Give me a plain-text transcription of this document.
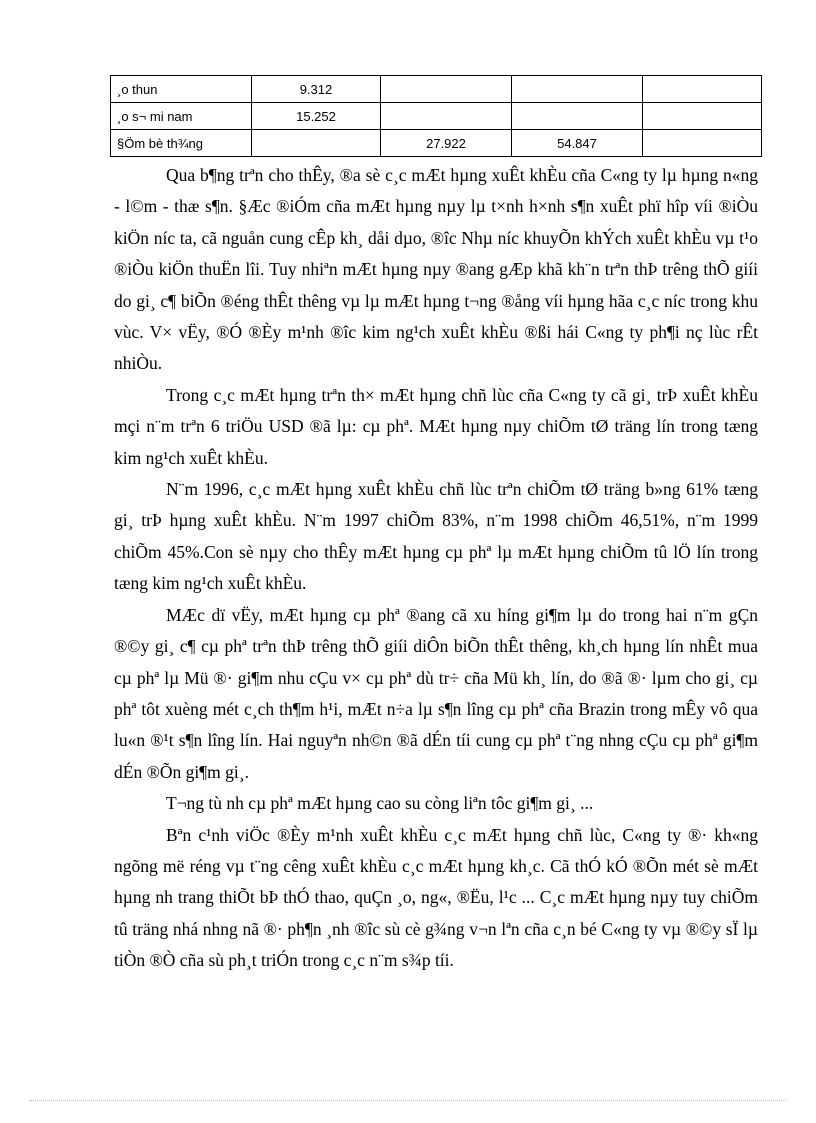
¸o thun	9.312			
¸o s¬ mi nam	15.252			
§Öm bè th¾ng		27.922	54.847	

Qua b¶ng trªn cho thÊy, ®a sè c¸c mÆt hµng xuÊt khÈu cña C«ng ty lµ hµng n«ng - l©m - thæ s¶n. §Æc ®iÓm cña mÆt hµng nµy lµ t×nh h×nh s¶n xuÊt phï hîp víi ®iÒu kiÖn níc ta, cã nguån cung cÊp kh¸ dåi dµo, ®îc Nhµ níc khuyÕn khÝch xuÊt khÈu vµ t¹o ®iÒu kiÖn thuËn lîi. Tuy nhiªn mÆt hµng nµy ®ang gÆp khã kh¨n trªn thÞ trêng thÕ giíi do gi¸ c¶ biÕn ®éng thÊt thêng vµ lµ mÆt hµng t¬ng ®ång víi hµng hãa c¸c níc trong khu vùc. V× vËy, ®Ó ®Èy m¹nh ®îc kim ng¹ch xuÊt khÈu ®ßi hái C«ng ty ph¶i nç lùc rÊt nhiÒu.

Trong c¸c mÆt hµng trªn th× mÆt hµng chñ lùc cña C«ng ty cã gi¸ trÞ xuÊt khÈu mçi n¨m trªn 6 triÖu USD ®ã lµ: cµ phª. MÆt hµng nµy chiÕm tØ träng lín trong tæng kim ng¹ch xuÊt khÈu.

N¨m 1996, c¸c mÆt hµng xuÊt khÈu chñ lùc trªn chiÕm tØ träng b»ng 61% tæng gi¸ trÞ hµng xuÊt khÈu. N¨m 1997 chiÕm 83%, n¨m 1998 chiÕm 46,51%, n¨m 1999 chiÕm 45%.Con sè nµy cho thÊy mÆt hµng cµ phª lµ mÆt hµng chiÕm tû lÖ lín trong tæng kim ng¹ch xuÊt khÈu.

MÆc dï vËy, mÆt hµng cµ phª ®ang cã xu híng gi¶m lµ do trong hai n¨m gÇn ®©y gi¸ c¶ cµ phª trªn thÞ trêng thÕ giíi diÔn biÕn thÊt thêng, kh¸ch hµng lín nhÊt mua cµ phª lµ Mü ®· gi¶m nhu cÇu v× cµ phª dù tr÷ cña Mü kh¸ lín, do ®ã ®· lµm cho gi¸ cµ phª tôt xuèng mét c¸ch th¶m h¹i, mÆt n÷a lµ s¶n lîng cµ phª cña Brazin trong mÊy vô qua lu«n ®¹t s¶n lîng lín. Hai nguyªn nh©n ®ã dÉn tíi cung cµ phª t¨ng nhng cÇu cµ phª gi¶m dÉn ®Õn gi¶m gi¸.

T¬ng tù nh cµ phª mÆt hµng cao su còng liªn tôc gi¶m gi¸ ...

Bªn c¹nh viÖc ®Èy m¹nh xuÊt khÈu c¸c mÆt hµng chñ lùc, C«ng ty ®· kh«ng ngõng më réng vµ t¨ng cêng xuÊt khÈu c¸c mÆt hµng kh¸c. Cã thÓ kÓ ®Õn mét sè mÆt hµng nh trang thiÕt bÞ thÓ thao, quÇn ¸o, ng«, ®Ëu, l¹c ... C¸c mÆt hµng nµy tuy chiÕm tû träng nhá nhng nã ®· ph¶n ¸nh ®îc sù cè g¾ng v¬n lªn cña c¸n bé C«ng ty vµ ®©y sÏ lµ tiÒn ®Ò cña sù ph¸t triÓn trong c¸c n¨m s¾p tíi.
